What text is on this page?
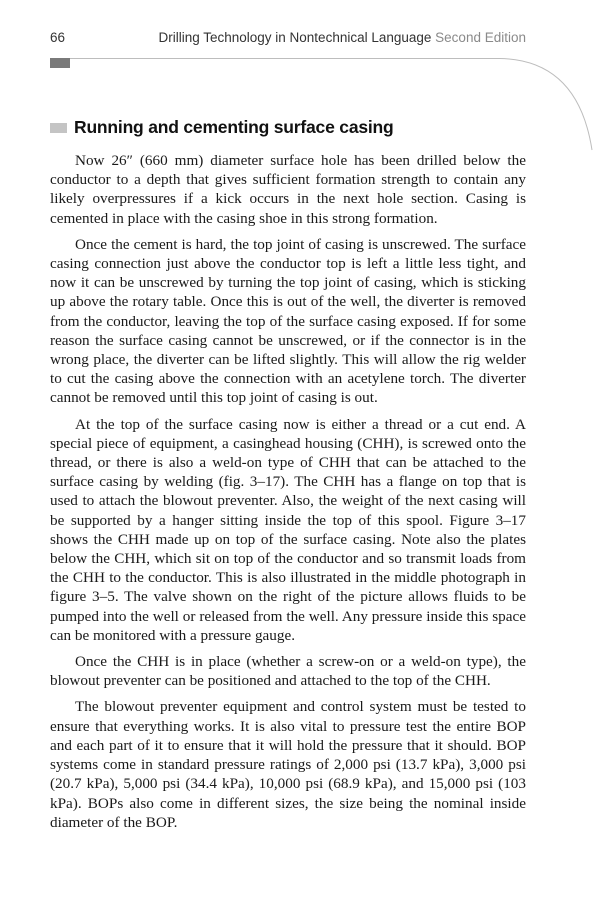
66	Drilling Technology in Nontechnical Language Second Edition
Running and cementing surface casing

Now 26″ (660 mm) diameter surface hole has been drilled below the conductor to a depth that gives sufficient formation strength to contain any likely overpressures if a kick occurs in the next hole section. Casing is cemented in place with the casing shoe in this strong formation.

Once the cement is hard, the top joint of casing is unscrewed. The surface casing connection just above the conductor top is left a little less tight, and now it can be unscrewed by turning the top joint of casing, which is sticking up above the rotary table. Once this is out of the well, the diverter is removed from the conductor, leaving the top of the surface casing exposed. If for some reason the surface casing cannot be unscrewed, or if the connector is in the wrong place, the diverter can be lifted slightly. This will allow the rig welder to cut the casing above the connection with an acetylene torch. The diverter cannot be removed until this top joint of casing is out.

At the top of the surface casing now is either a thread or a cut end. A special piece of equipment, a casinghead housing (CHH), is screwed onto the thread, or there is also a weld-on type of CHH that can be attached to the surface casing by welding (fig. 3–17). The CHH has a flange on top that is used to attach the blowout preventer. Also, the weight of the next casing will be supported by a hanger sitting inside the top of this spool. Figure 3–17 shows the CHH made up on top of the surface casing. Note also the plates below the CHH, which sit on top of the conductor and so transmit loads from the CHH to the conductor. This is also illustrated in the middle photograph in figure 3–5. The valve shown on the right of the picture allows fluids to be pumped into the well or released from the well. Any pressure inside this space can be monitored with a pressure gauge.

Once the CHH is in place (whether a screw-on or a weld-on type), the blowout preventer can be positioned and attached to the top of the CHH.

The blowout preventer equipment and control system must be tested to ensure that everything works. It is also vital to pressure test the entire BOP and each part of it to ensure that it will hold the pressure that it should. BOP systems come in standard pressure ratings of 2,000 psi (13.7 kPa), 3,000 psi (20.7 kPa), 5,000 psi (34.4 kPa), 10,000 psi (68.9 kPa), and 15,000 psi (103 kPa). BOPs also come in different sizes, the size being the nominal inside diameter of the BOP.
